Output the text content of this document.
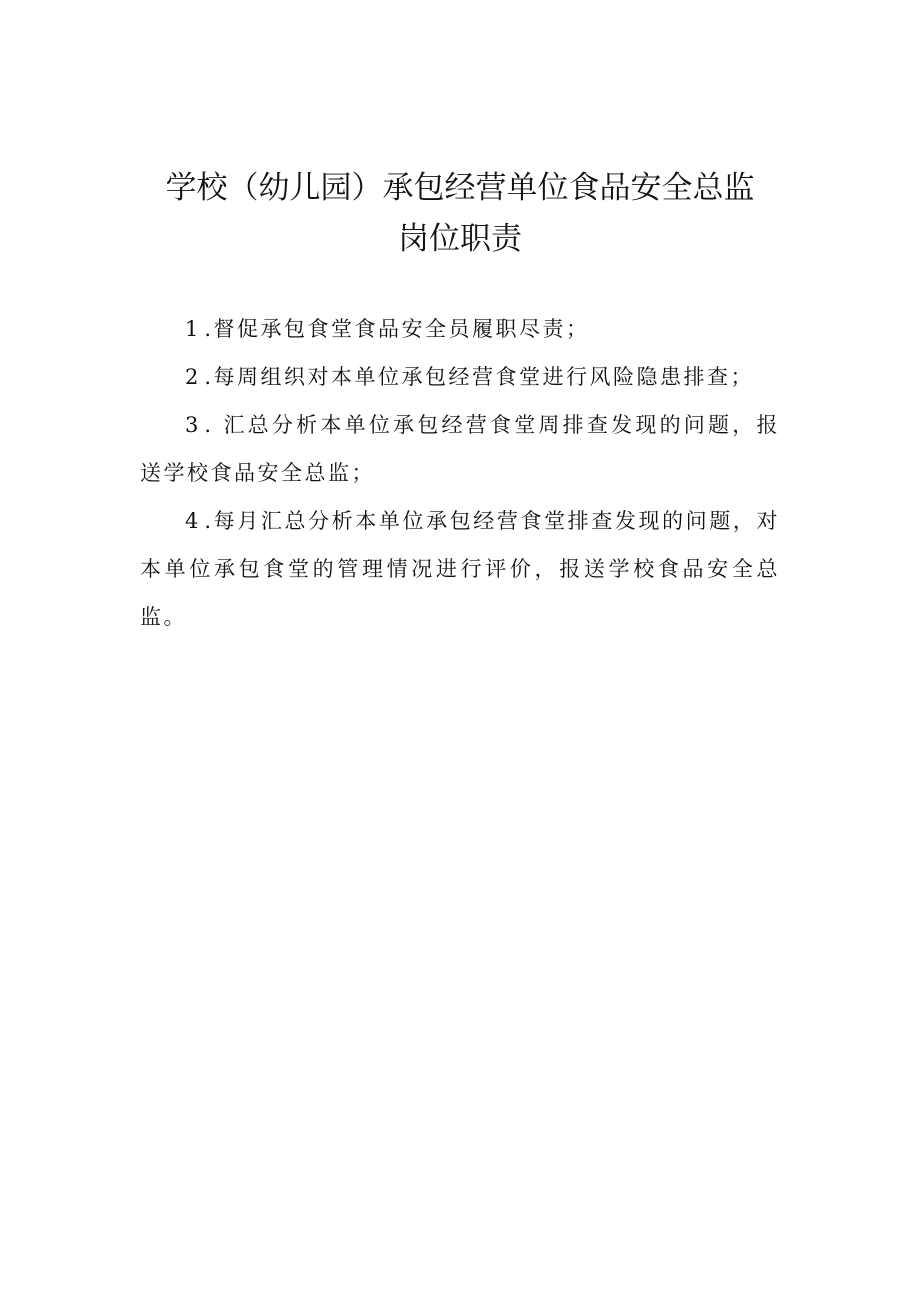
学校（幼儿园）承包经营单位食品安全总监
岗位职责

1.督促承包食堂食品安全员履职尽责；

2.每周组织对本单位承包经营食堂进行风险隐患排查；

3. 汇总分析本单位承包经营食堂周排查发现的问题，报送学校食品安全总监；

4.每月汇总分析本单位承包经营食堂排查发现的问题，对本单位承包食堂的管理情况进行评价，报送学校食品安全总监。
